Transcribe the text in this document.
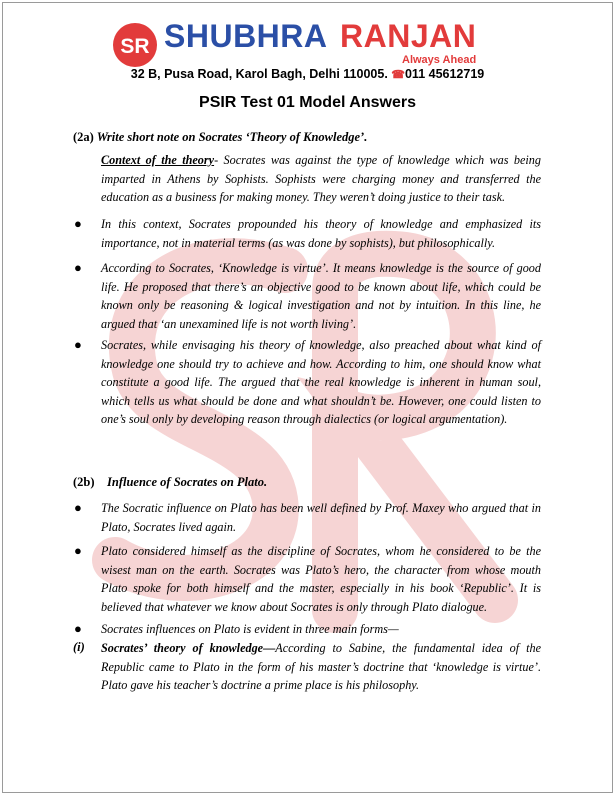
SR SHUBHRA RANJAN
Always Ahead
32 B, Pusa Road, Karol Bagh, Delhi 110005. ☎011 45612719
PSIR Test 01 Model Answers
(2a) Write short note on Socrates ‘Theory of Knowledge’.
Context of the theory- Socrates was against the type of knowledge which was being imparted in Athens by Sophists. Sophists were charging money and transferred the education as a business for making money. They weren’t doing justice to their task.
● In this context, Socrates propounded his theory of knowledge and emphasized its importance, not in material terms (as was done by sophists), but philosophically.
● According to Socrates, ‘Knowledge is virtue’. It means knowledge is the source of good life. He proposed that there’s an objective good to be known about life, which could be known only be reasoning & logical investigation and not by intuition. In this line, he argued that ‘an unexamined life is not worth living’.
● Socrates, while envisaging his theory of knowledge, also preached about what kind of knowledge one should try to achieve and how. According to him, one should know what constitute a good life. The argued that the real knowledge is inherent in human soul, which tells us what should be done and what shouldn’t be. However, one could listen to one’s soul only by developing reason through dialectics (or logical argumentation).
(2b) Influence of Socrates on Plato.
● The Socratic influence on Plato has been well defined by Prof. Maxey who argued that in Plato, Socrates lived again.
● Plato considered himself as the discipline of Socrates, whom he considered to be the wisest man on the earth. Socrates was Plato’s hero, the character from whose mouth Plato spoke for both himself and the master, especially in his book ‘Republic’. It is believed that whatever we know about Socrates is only through Plato dialogue.
● Socrates influences on Plato is evident in three main forms—
(i) Socrates’ theory of knowledge—According to Sabine, the fundamental idea of the Republic came to Plato in the form of his master’s doctrine that ‘knowledge is virtue’. Plato gave his teacher’s doctrine a prime place is his philosophy.
